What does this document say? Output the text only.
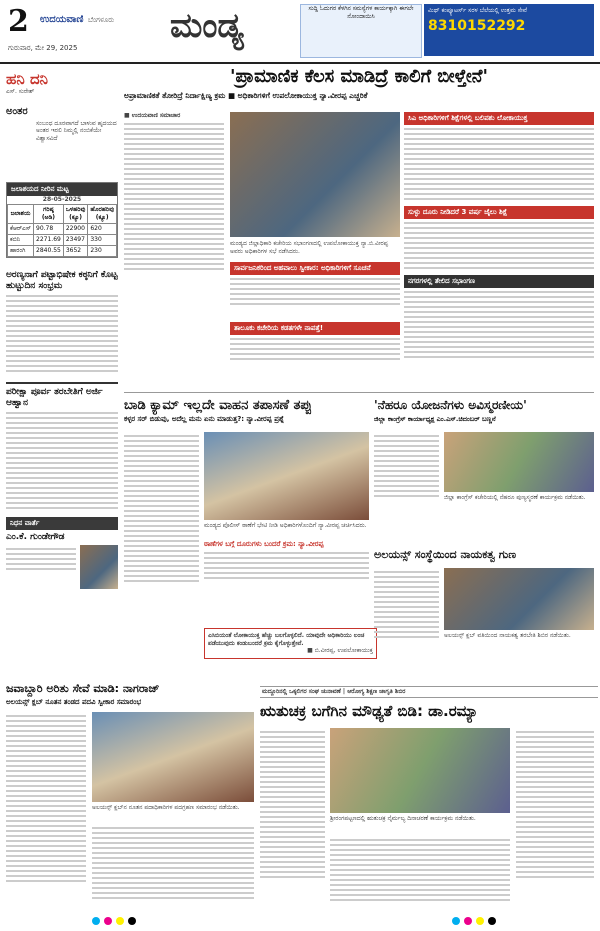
2 ಉದಯವಾಣಿ ಬೆಂಗಳೂರು
ಗುರುವಾರ, ಮೇ 29, 2025
ಮಂಡ್ಯ	ಸುದ್ದಿ ಓದುಗರ ಕೆಳಗಿನ ಸಮಸ್ಯೆಗಳ ಕಾರ್ಯಕ್ಕಾಗಿ ಈಗಲೇ ನೋಂದಾಯಿಸಿ
ಮಿಥ್ ಕಂಪ್ಯೂಟರ್ಸ್ ಸರಳ ಬೆಲೆಯಲ್ಲಿ ಉತ್ತಮ ಸೇವೆ
8310152292
ಹನಿ ದನಿ
ಎಸ್. ಸುರೇಶ್
ಅಂತರ
ಸಂಬಂಧ ದೂರವಾಗದೆ ಬಾಳುವ ಹೃದಯದ ಅಂತರ ಇರಲಿ ನಿಮ್ಮಲ್ಲಿ ನಂಬಿಕೆಯೇ ವಿಶ್ವಾಸವಿದೆ
ಜಲಾಶಯದ ನೀರಿನ ಮಟ್ಟ
28-05-2025
ಜಲಾಶಯ	ಗರಿಷ್ಠ (ಅಡಿ)	ಒಳಹರಿವು (ಕ್ಯೂ)	ಹೊರಹರಿವು (ಕ್ಯೂ)
ಕೆಆರ್‌ಎಸ್	90.78	22900	620
ಕಬಿನಿ	2271.69	23497	330
ಹಾರಂಗಿ	2840.55	3652	230
ಅರಣ್ಯನಾಗೆ ಪಟ್ಟಾಭಿಷೇಕ ಕಠ್ಠನಿಗೆ ಕೊಟ್ಟ ಹುಟ್ಟುದಿನ ಸಂಭ್ರಮ
ಪರೀಕ್ಷಾ ಪೂರ್ವ ತರಬೇತಿಗೆ ಅರ್ಜಿ ಆಹ್ವಾನ
ನಿಧನ ವಾರ್ತೆ
ಎಂ.ಕೆ. ಗುಂಡೇಗೌಡ
'ಪ್ರಾಮಾಣಿಕ ಕೆಲಸ ಮಾಡಿದ್ರೆ ಕಾಲಿಗೆ ಬೀಳ್ತೇನೆ'
ಅಪ್ರಾಮಾಣಿಕತೆ ತೋರಿದ್ರೆ ನಿರ್ದಾಕ್ಷಿಣ್ಯ ಕ್ರಮ ■ ಅಧಿಕಾರಿಗಳಿಗೆ ಉಪಲೋಕಾಯುಕ್ತ ನ್ಯಾ.ವೀರಪ್ಪ ಎಚ್ಚರಿಕೆ
■ ಉದಯವಾಣಿ ಸಮಾಚಾರ
ಮಂಡ್ಯದ ಜಿಲ್ಲಾಧಿಕಾರಿ ಕಚೇರಿಯ ಸಭಾಂಗಣದಲ್ಲಿ ಉಪಲೋಕಾಯುಕ್ತ ನ್ಯಾ.ಬಿ.ವೀರಪ್ಪ ಅವರು ಅಧಿಕಾರಿಗಳ ಸಭೆ ನಡೆಸಿದರು.
ಸಿಎ ಅಧಿಕಾರಿಗಳಿಗೆ ಶಿಕ್ಷೆಗಳಲ್ಲಿ ಬಲಿಪಶು ಲೋಕಾಯುಕ್ತ
ಸುಳ್ಳು ದೂರು ನೀಡಿದರೆ 3 ವರ್ಷ ಜೈಲು ಶಿಕ್ಷೆ
ನಗರಗಳಲ್ಲಿ ತೇಲಿದ ಸಭಾಂಗಣ
ಸಾರ್ವಜನಿಕರಿಂದ ಅಹವಾಲು ಸ್ವೀಕಾರ: ಅಧಿಕಾರಿಗಳಿಗೆ ಸೂಚನೆ
ತಾಲೂಕು ಕಚೇರಿಯ ಕಡತಗಳೇ ನಾಪತ್ತೆ!
ಬಾಡಿ ಕ್ಯಾಮ್ ಇಲ್ಲದೇ ವಾಹನ ತಪಾಸಣೆ ತಪ್ಪು
ಕಳ್ಳರ ಸರ್ ಬಿಡುವು, ಅದೆಲ್ಲ ಮನು ಏನು ಮಾಡುತ್ತ?: ನ್ಯಾ.ವೀರಪ್ಪ ಪ್ರಶ್ನೆ
ಮಂಡ್ಯದ ಪೊಲೀಸ್ ಠಾಣೆಗೆ ಭೇಟಿ ನೀಡಿ ಅಧಿಕಾರಿಗಳೊಂದಿಗೆ ನ್ಯಾ.ವೀರಪ್ಪ ಚರ್ಚಿಸಿದರು.
ಠಾಣೆಗಳ ಬಗ್ಗೆ ದೂರುಗಳು ಬಂದರೆ ಕ್ರಮ: ನ್ಯಾ.ವೀರಪ್ಪ
ಎಸಿಬಿಯಂತೆ ಲೋಕಾಯುಕ್ತ ಹೆಚ್ಚು ಬಲಗೊಳ್ಳಲಿದೆ. ಯಾವುದೇ ಅಧಿಕಾರಿಯು ಲಂಚ ಪಡೆಯುವುದು ಕಂಡುಬಂದರೆ ಕ್ರಮ ಕೈಗೊಳ್ಳುತ್ತೇವೆ.
■ ಬಿ.ವೀರಪ್ಪ, ಉಪಲೋಕಾಯುಕ್ತ
'ನೆಹರೂ ಯೋಜನೆಗಳು ಅವಿಸ್ಮರಣೀಯ'
ಜಿಲ್ಲಾ ಕಾಂಗ್ರೆಸ್ ಕಾರ್ಯಾಧ್ಯಕ್ಷ ಎಂ.ಎಸ್.ಚಿದಂಬರ್ ಬಣ್ಣನೆ
ಜಿಲ್ಲಾ ಕಾಂಗ್ರೆಸ್ ಕಚೇರಿಯಲ್ಲಿ ನೆಹರೂ ಪುಣ್ಯಸ್ಮರಣೆ ಕಾರ್ಯಕ್ರಮ ನಡೆಯಿತು.
ಅಲಯನ್ಸ್ ಸಂಸ್ಥೆಯಿಂದ ನಾಯಕತ್ವ ಗುಣ
ಅಲಯನ್ಸ್ ಕ್ಲಬ್ ವತಿಯಿಂದ ನಾಯಕತ್ವ ತರಬೇತಿ ಶಿಬಿರ ನಡೆಯಿತು.
ಮದ್ದೂರಿನಲ್ಲಿ ಒಕ್ಕಲಿಗರ ಸಂಘ ಚುನಾವಣೆ | ಆರೋಗ್ಯ ಶಿಕ್ಷಣ ಜಾಗೃತಿ ಶಿಬಿರ
ಜವಾಬ್ದಾರಿ ಅರಿತು ಸೇವೆ ಮಾಡಿ: ನಾಗರಾಜ್
ಅಲಯನ್ಸ್ ಕ್ಲಬ್ ನೂತನ ತಂಡದ ಪದವಿ ಸ್ವೀಕಾರ ಸಮಾರಂಭ
ಅಲಯನ್ಸ್ ಕ್ಲಬ್‌ನ ನೂತನ ಪದಾಧಿಕಾರಿಗಳ ಪದಗ್ರಹಣ ಸಮಾರಂಭ ನಡೆಯಿತು.
ಋತುಚಕ್ರ ಬಗೆಗಿನ ಮೌಢ್ಯತೆ ಬಿಡಿ: ಡಾ.ರಮ್ಯಾ
ಶ್ರೀರಂಗಪಟ್ಟಣದಲ್ಲಿ ಋತುಚಕ್ರ ನೈರ್ಮಲ್ಯ ದಿನಾಚರಣೆ ಕಾರ್ಯಕ್ರಮ ನಡೆಯಿತು.
